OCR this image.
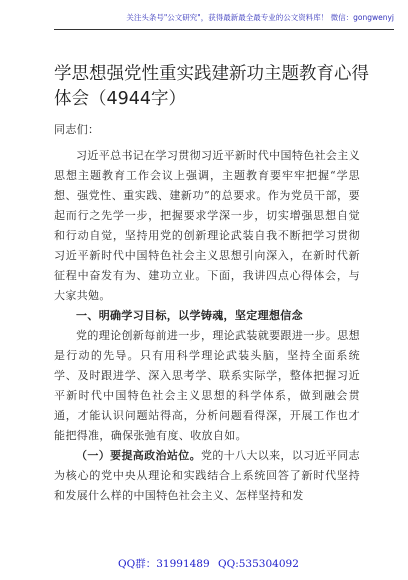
关注头条号"公文研究"，获得最新最全最专业的公文资料库！ 微信：gongwenyj
学思想强党性重实践建新功主题教育心得体会（4944字）

同志们：

习近平总书记在学习贯彻习近平新时代中国特色社会主义思想主题教育工作会议上强调，主题教育要牢牢把握“学思想、强党性、重实践、建新功”的总要求。作为党员干部，要起而行之先学一步，把握要求学深一步，切实增强思想自觉和行动自觉，坚持用党的创新理论武装自我不断把学习贯彻习近平新时代中国特色社会主义思想引向深入，在新时代新征程中奋发有为、建功立业。下面，我讲四点心得体会，与大家共勉。

一、明确学习目标，以学铸魂，坚定理想信念

党的理论创新每前进一步，理论武装就要跟进一步。思想是行动的先导。只有用科学理论武装头脑，坚持全面系统学、及时跟进学、深入思考学、联系实际学，整体把握习近平新时代中国特色社会主义思想的科学体系，做到融会贯通，才能认识问题站得高，分析问题看得深，开展工作也才能把得准，确保张弛有度、收放自如。

（一）要提高政治站位。党的十八大以来，以习近平同志为核心的党中央从理论和实践结合上系统回答了新时代坚持和发展什么样的中国特色社会主义、怎样坚持和发

QQ群：31991489 QQ:535304092
